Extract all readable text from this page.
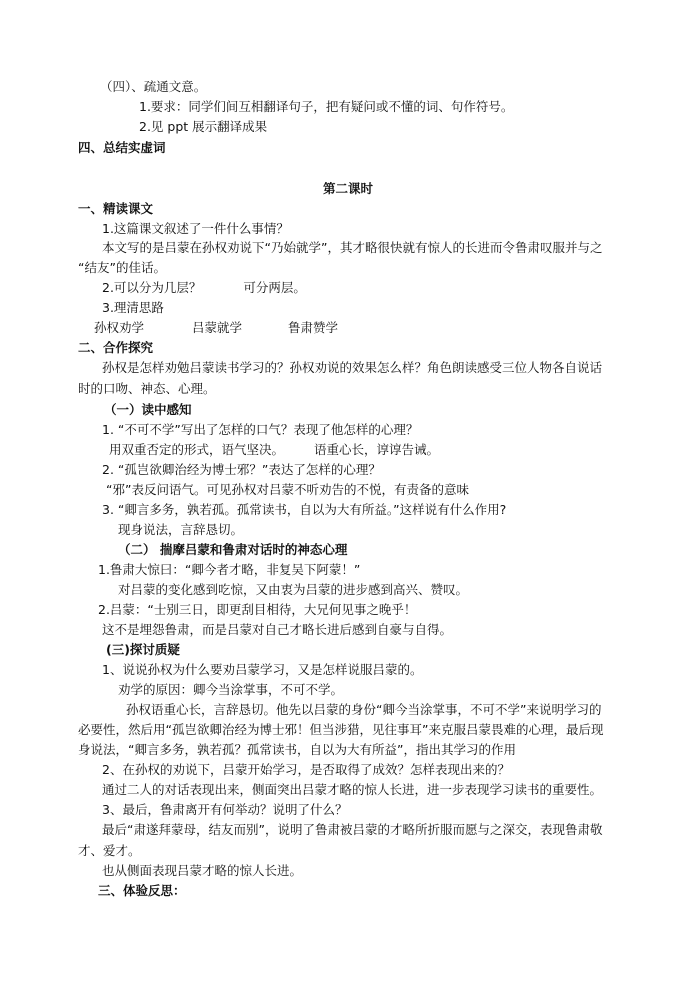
（四）、疏通文意。
1.要求：同学们间互相翻译句子，把有疑问或不懂的词、句作符号。
2.见 ppt 展示翻译成果
四、总结实虚词
第二课时
一、精读课文
1.这篇课文叙述了一件什么事情？
本文写的是吕蒙在孙权劝说下“乃始就学”，其才略很快就有惊人的长进而令鲁肃叹服并与之
“结友”的佳话。
2.可以分为几层？	可分两层。
3.理清思路
孙权劝学	吕蒙就学	鲁肃赞学
二、合作探究
孙权是怎样劝勉吕蒙读书学习的？孙权劝说的效果怎么样？角色朗读感受三位人物各自说话
时的口吻、神态、心理。
（一）读中感知
1. “不可不学”写出了怎样的口气？表现了他怎样的心理？
用双重否定的形式，语气坚决。 语重心长，谆谆告诫。
2. “孤岂欲卿治经为博士邪？”表达了怎样的心理？
“邪”表反问语气。可见孙权对吕蒙不听劝告的不悦，有责备的意味
3. “卿言多务，孰若孤。孤常读书，自以为大有所益。”这样说有什么作用?
现身说法，言辞恳切。
（二） 揣摩吕蒙和鲁肃对话时的神态心理
1.鲁肃大惊曰：“卿今者才略，非复吴下阿蒙！”
对吕蒙的变化感到吃惊，又由衷为吕蒙的进步感到高兴、赞叹。
2.吕蒙：“士别三日，即更刮目相待，大兄何见事之晚乎！
这不是埋怨鲁肃，而是吕蒙对自己才略长进后感到自豪与自得。
(三)探讨质疑
1、说说孙权为什么要劝吕蒙学习，又是怎样说服吕蒙的。
劝学的原因：卿今当涂掌事，不可不学。
孙权语重心长，言辞恳切。他先以吕蒙的身份“卿今当涂掌事，不可不学”来说明学习的
必要性，然后用“孤岂欲卿治经为博士邪！但当涉猎，见往事耳”来克服吕蒙畏难的心理，最后现
身说法，“卿言多务，孰若孤？孤常读书，自以为大有所益”，指出其学习的作用
2、在孙权的劝说下，吕蒙开始学习，是否取得了成效？怎样表现出来的？
通过二人的对话表现出来，侧面突出吕蒙才略的惊人长进，进一步表现学习读书的重要性。
3、最后，鲁肃离开有何举动？说明了什么？
最后“肃遂拜蒙母，结友而别”，说明了鲁肃被吕蒙的才略所折服而愿与之深交，表现鲁肃敬
才、爱才。
也从侧面表现吕蒙才略的惊人长进。
三、体验反思：
